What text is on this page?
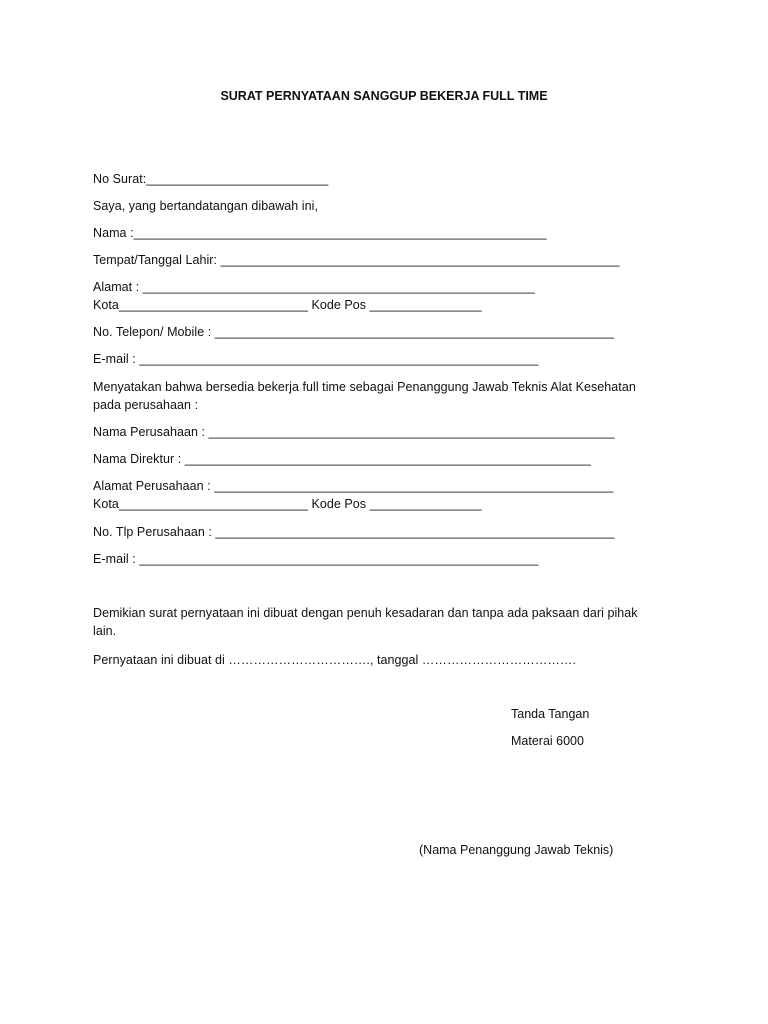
SURAT PERNYATAAN SANGGUP BEKERJA FULL TIME
No Surat:__________________________
Saya, yang bertandatangan dibawah ini,
Nama :___________________________________________________________
Tempat/Tanggal Lahir: _________________________________________________________
Alamat : ________________________________________________________
Kota___________________________ Kode Pos ________________
No. Telepon/ Mobile : _________________________________________________________
E-mail : _________________________________________________________
Menyatakan bahwa bersedia bekerja full time sebagai Penanggung Jawab Teknis Alat Kesehatan
pada perusahaan :
Nama Perusahaan : __________________________________________________________
Nama Direktur : __________________________________________________________
Alamat Perusahaan : _________________________________________________________
Kota___________________________ Kode Pos ________________
No. Tlp Perusahaan : _________________________________________________________
E-mail : _________________________________________________________
Demikian surat pernyataan ini dibuat dengan penuh kesadaran dan tanpa ada paksaan dari pihak
lain.
Pernyataan ini dibuat di ……………………………., tanggal ……………………………….
Tanda Tangan
Materai 6000
(Nama Penanggung Jawab Teknis)
